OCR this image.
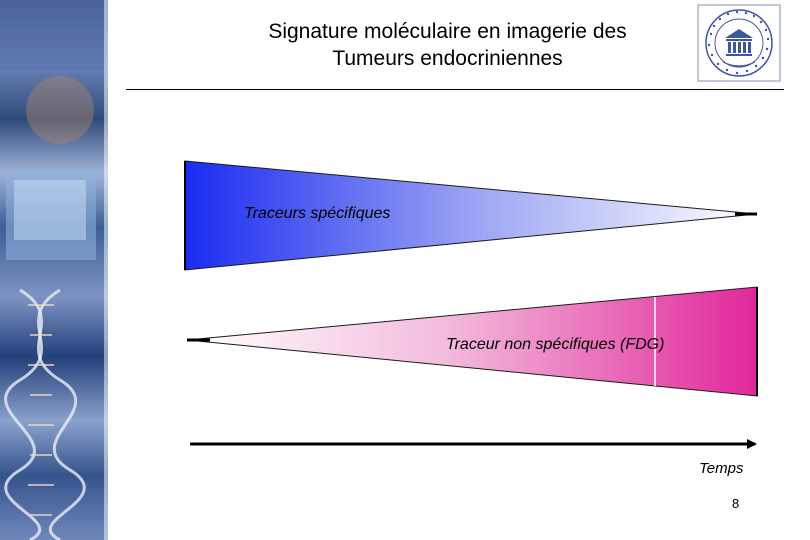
Signature moléculaire en imagerie des
Tumeurs endocriniennes
Traceurs spécifiques
Traceur non spécifiques (FDG)
Temps
8
